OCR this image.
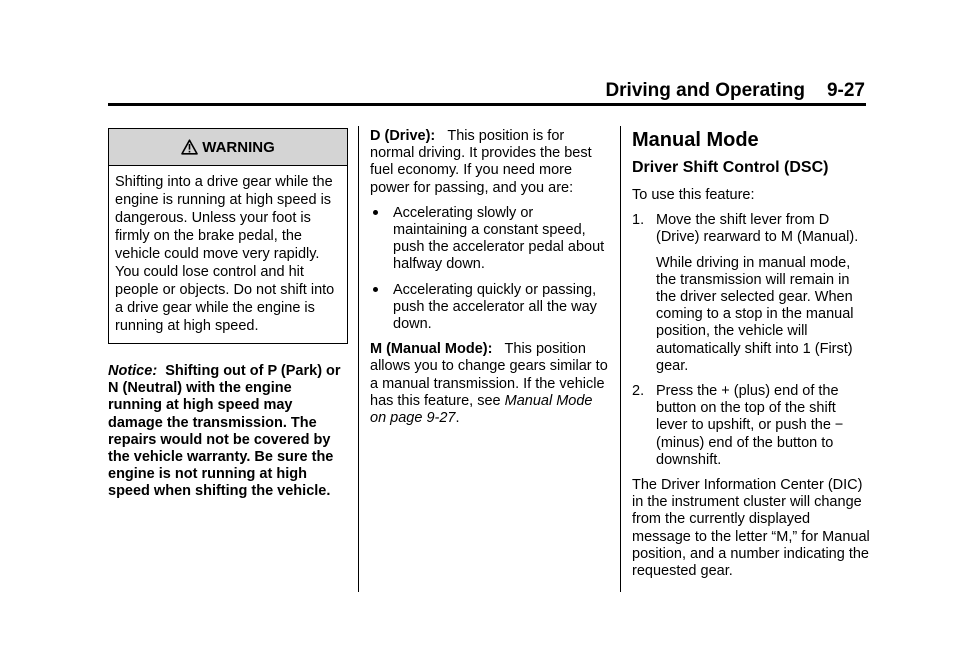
Driving and Operating 9-27
WARNING
Shifting into a drive gear while the engine is running at high speed is dangerous. Unless your foot is firmly on the brake pedal, the vehicle could move very rapidly. You could lose control and hit people or objects. Do not shift into a drive gear while the engine is running at high speed.

Notice: Shifting out of P (Park) or N (Neutral) with the engine running at high speed may damage the transmission. The repairs would not be covered by the vehicle warranty. Be sure the engine is not running at high speed when shifting the vehicle.

D (Drive): This position is for normal driving. It provides the best fuel economy. If you need more power for passing, and you are:

Accelerating slowly or maintaining a constant speed, push the accelerator pedal about halfway down.
Accelerating quickly or passing, push the accelerator all the way down.

M (Manual Mode): This position allows you to change gears similar to a manual transmission. If the vehicle has this feature, see Manual Mode on page 9-27.

Manual Mode
Driver Shift Control (DSC)

To use this feature:

1. Move the shift lever from D (Drive) rearward to M (Manual).
While driving in manual mode, the transmission will remain in the driver selected gear. When coming to a stop in the manual position, the vehicle will automatically shift into 1 (First) gear.
2. Press the + (plus) end of the button on the top of the shift lever to upshift, or push the − (minus) end of the button to downshift.

The Driver Information Center (DIC) in the instrument cluster will change from the currently displayed message to the letter “M,” for Manual position, and a number indicating the requested gear.
